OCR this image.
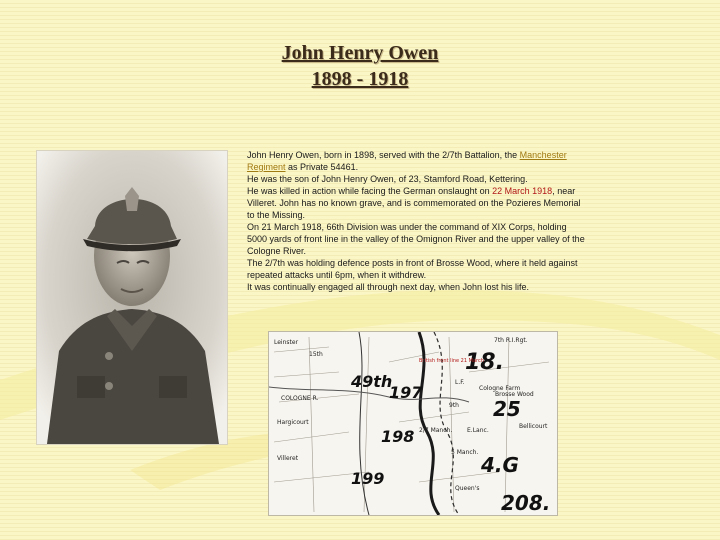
John Henry Owen
1898 - 1918

John Henry Owen, born in 1898, served with the 2/7th Battalion, the Manchester Regiment as Private 54461.

He was the son of John Henry Owen, of 23, Stamford Road, Kettering.

He was killed in action while facing the German onslaught on 22 March 1918, near Villeret. John has no known grave, and is commemorated on the Pozieres Memorial to the Missing.

On 21 March 1918, 66th Division was under the command of XIX Corps, holding 5000 yards of front line in the valley of the Omignon River and the upper valley of the Cologne River.

The 2/7th was holding defence posts in front of Brosse Wood, where it held against repeated attacks until 6pm, when it withdrew.

It was continually engaged all through next day, when John lost his life.

18.
49th
197
198
199
25
4.G
208.
7th R.I.Rgt.
Leinster
15th
L.F.
E.Lanc.
5 Manch.
2/7 Manch.
COLOGNE R.
Hargicourt
Villeret
Brosse Wood
Bellicourt
Queen's
Cologne Farm
9th
British front line 21 March
